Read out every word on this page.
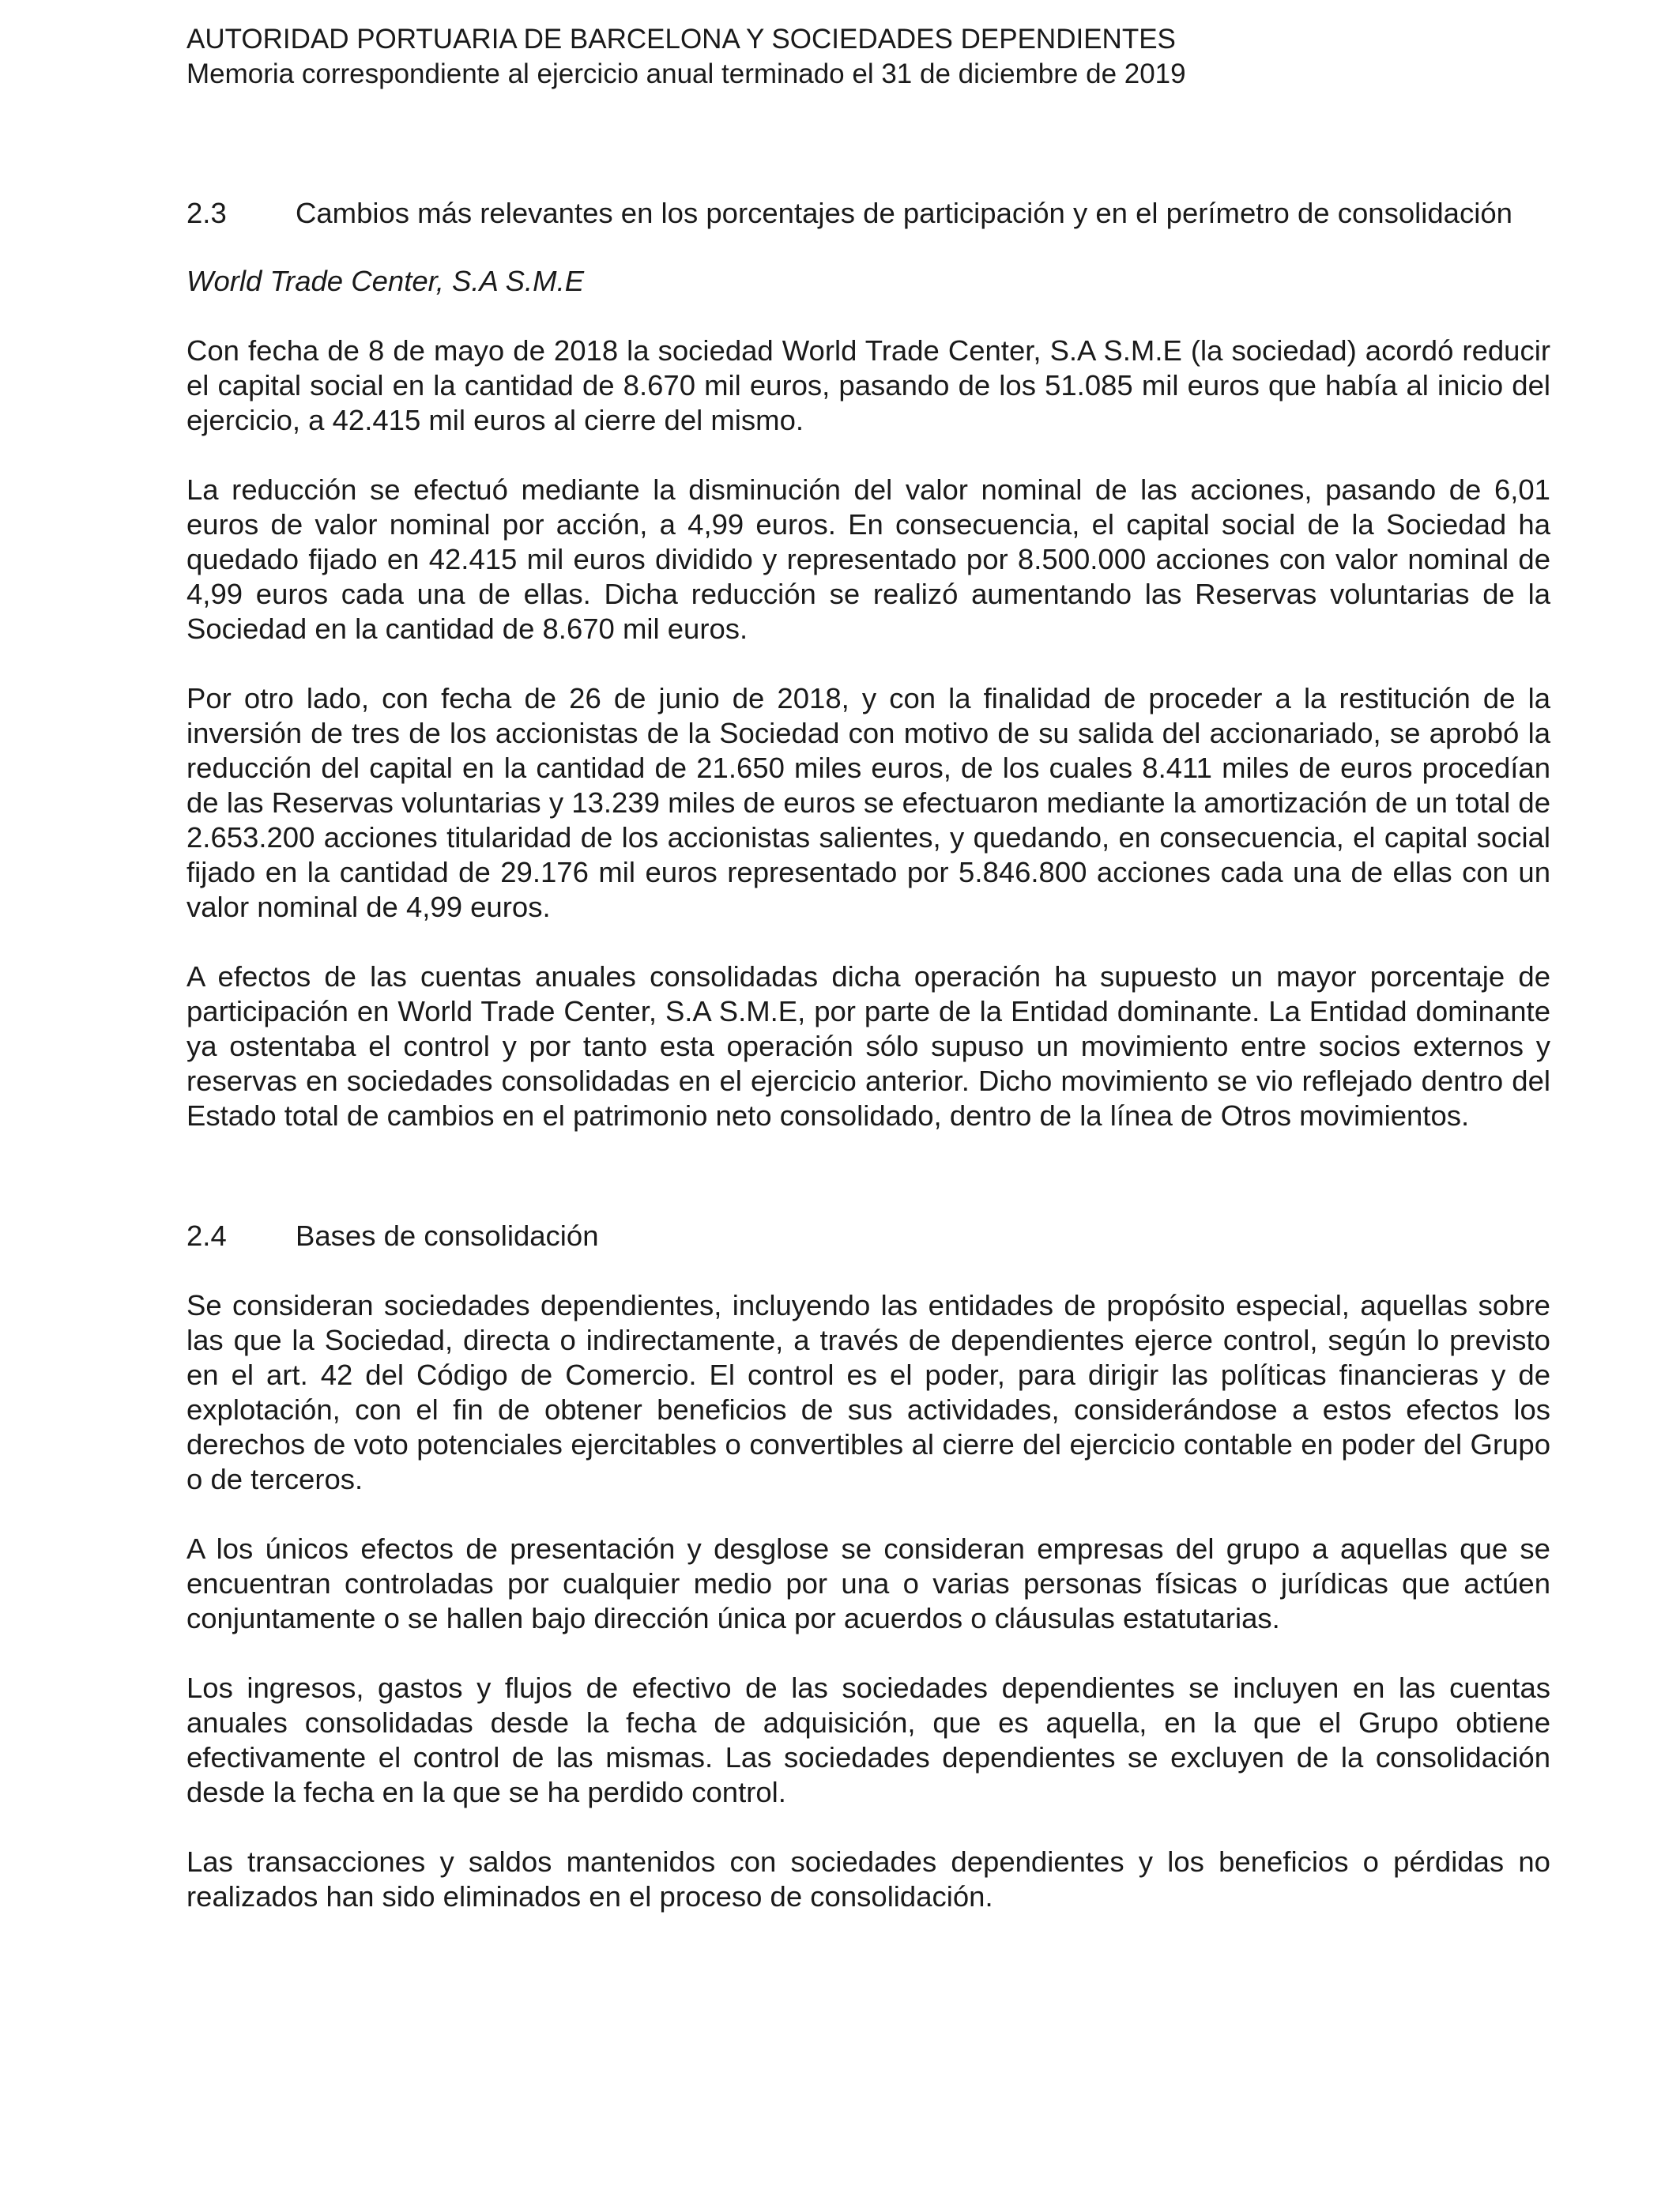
AUTORIDAD PORTUARIA DE BARCELONA Y SOCIEDADES DEPENDIENTES

Memoria correspondiente al ejercicio anual terminado el 31 de diciembre de 2019

2.3 Cambios más relevantes en los porcentajes de participación y en el perímetro de consolidación
World Trade Center, S.A S.M.E

Con fecha de 8 de mayo de 2018 la sociedad World Trade Center, S.A S.M.E (la sociedad) acordó reducir el capital social en la cantidad de 8.670 mil euros, pasando de los 51.085 mil euros que había al inicio del ejercicio, a 42.415 mil euros al cierre del mismo.

La reducción se efectuó mediante la disminución del valor nominal de las acciones, pasando de 6,01 euros de valor nominal por acción, a 4,99 euros. En consecuencia, el capital social de la Sociedad ha quedado fijado en 42.415 mil euros dividido y representado por 8.500.000 acciones con valor nominal de 4,99 euros cada una de ellas. Dicha reducción se realizó aumentando las Reservas voluntarias de la Sociedad en la cantidad de 8.670 mil euros.

Por otro lado, con fecha de 26 de junio de 2018, y con la finalidad de proceder a la restitución de la inversión de tres de los accionistas de la Sociedad con motivo de su salida del accionariado, se aprobó la reducción del capital en la cantidad de 21.650 miles euros, de los cuales 8.411 miles de euros procedían de las Reservas voluntarias y 13.239 miles de euros se efectuaron mediante la amortización de un total de 2.653.200 acciones titularidad de los accionistas salientes, y quedando, en consecuencia, el capital social fijado en la cantidad de 29.176 mil euros representado por 5.846.800 acciones cada una de ellas con un valor nominal de 4,99 euros.

A efectos de las cuentas anuales consolidadas dicha operación ha supuesto un mayor porcentaje de participación en World Trade Center, S.A S.M.E, por parte de la Entidad dominante. La Entidad dominante ya ostentaba el control y por tanto esta operación sólo supuso un movimiento entre socios externos y reservas en sociedades consolidadas en el ejercicio anterior. Dicho movimiento se vio reflejado dentro del Estado total de cambios en el patrimonio neto consolidado, dentro de la línea de Otros movimientos.

2.4 Bases de consolidación

Se consideran sociedades dependientes, incluyendo las entidades de propósito especial, aquellas sobre las que la Sociedad, directa o indirectamente, a través de dependientes ejerce control, según lo previsto en el art. 42 del Código de Comercio. El control es el poder, para dirigir las políticas financieras y de explotación, con el fin de obtener beneficios de sus actividades, considerándose a estos efectos los derechos de voto potenciales ejercitables o convertibles al cierre del ejercicio contable en poder del Grupo o de terceros.

A los únicos efectos de presentación y desglose se consideran empresas del grupo a aquellas que se encuentran controladas por cualquier medio por una o varias personas físicas o jurídicas que actúen conjuntamente o se hallen bajo dirección única por acuerdos o cláusulas estatutarias.

Los ingresos, gastos y flujos de efectivo de las sociedades dependientes se incluyen en las cuentas anuales consolidadas desde la fecha de adquisición, que es aquella, en la que el Grupo obtiene efectivamente el control de las mismas. Las sociedades dependientes se excluyen de la consolidación desde la fecha en la que se ha perdido control.

Las transacciones y saldos mantenidos con sociedades dependientes y los beneficios o pérdidas no realizados han sido eliminados en el proceso de consolidación.
